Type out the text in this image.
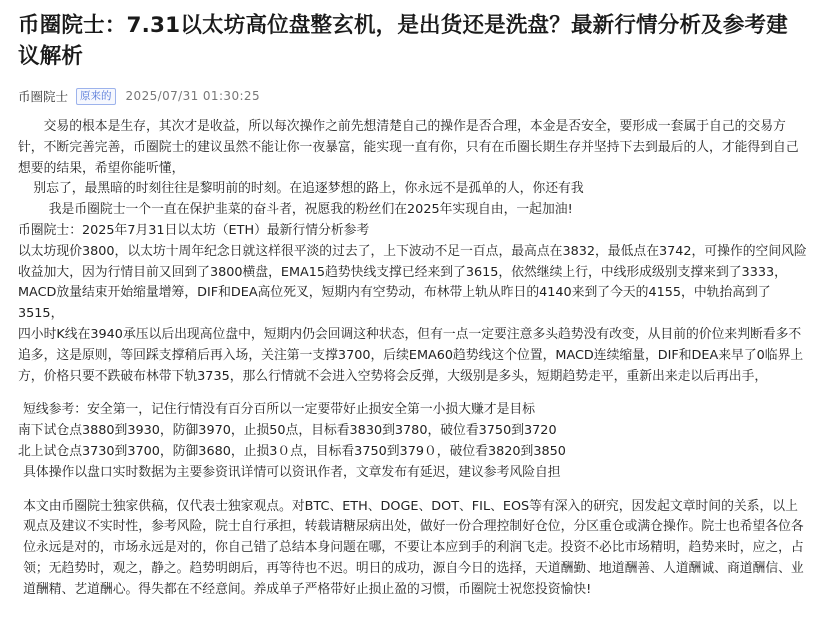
币圈院士：7.31以太坊高位盘整玄机，是出货还是洗盘？最新行情分析及参考建议解析
币圈院士	原来的	2025/07/31 01:30:25

交易的根本是生存，其次才是收益，所以每次操作之前先想清楚自己的操作是否合理，本金是否安全，要形成一套属于自己的交易方针，不断完善完善，币圈院士的建议虽然不能让你一夜暴富，能实现一直有你，只有在币圈长期生存并坚持下去到最后的人，才能得到自己想要的结果，希望你能听懂，

别忘了，最黑暗的时刻往往是黎明前的时刻。在追逐梦想的路上，你永远不是孤单的人，你还有我

我是币圈院士一个一直在保护韭菜的奋斗者，祝愿我的粉丝们在2025年实现自由，一起加油!

币圈院士：2025年7月31日以太坊（ETH）最新行情分析参考

以太坊现价3800，以太坊十周年纪念日就这样很平淡的过去了，上下波动不足一百点，最高点在3832，最低点在3742，可操作的空间风险收益加大，因为行情目前又回到了3800横盘，EMA15趋势快线支撑已经来到了3615，依然继续上行，中线形成级别支撑来到了3333，MACD放量结束开始缩量增筹，DIF和DEA高位死叉，短期内有空势动，布林带上轨从昨日的4140来到了今天的4155，中轨抬高到了3515，

四小时K线在3940承压以后出现高位盘中，短期内仍会回调这种状态，但有一点一定要注意多头趋势没有改变，从目前的价位来判断看多不追多，这是原则，等回踩支撑稍后再入场，关注第一支撑3700，后续EMA60趋势线这个位置，MACD连续缩量，DIF和DEA来早了0临界上方，价格只要不跌破布林带下轨3735，那么行情就不会进入空势将会反弹，大级别是多头，短期趋势走平，重新出来走以后再出手，

短线参考：安全第一，记住行情没有百分百所以一定要带好止损安全第一小损大赚才是目标

南下试仓点3880到3930，防御3970，止损50点，目标看3830到3780，破位看3750到3720

北上试仓点3730到3700，防御3680，止损3０点，目标看3750到379０，破位看3820到3850

具体操作以盘口实时数据为主要参资讯详情可以资讯作者，文章发布有延迟，建议参考风险自担

本文由币圈院士独家供稿，仅代表士独家观点。对BTC、ETH、DOGE、DOT、FIL、EOS等有深入的研究，因发起文章时间的关系，以上观点及建议不实时性，参考风险，院士自行承担，转载请糖尿病出处，做好一份合理控制好仓位，分区重仓或满仓操作。院士也希望各位各位永远是对的，市场永远是对的，你自己错了总结本身问题在哪，不要让本应到手的利润飞走。投资不必比市场精明，趋势来时，应之，占领；无趋势时，观之，静之。趋势明朗后，再等待也不迟。明日的成功，源自今日的选择，天道酬勤、地道酬善、人道酬诚、商道酬信、业道酬精、艺道酬心。得失都在不经意间。养成单子严格带好止损止盈的习惯，币圈院士祝您投资愉快!
